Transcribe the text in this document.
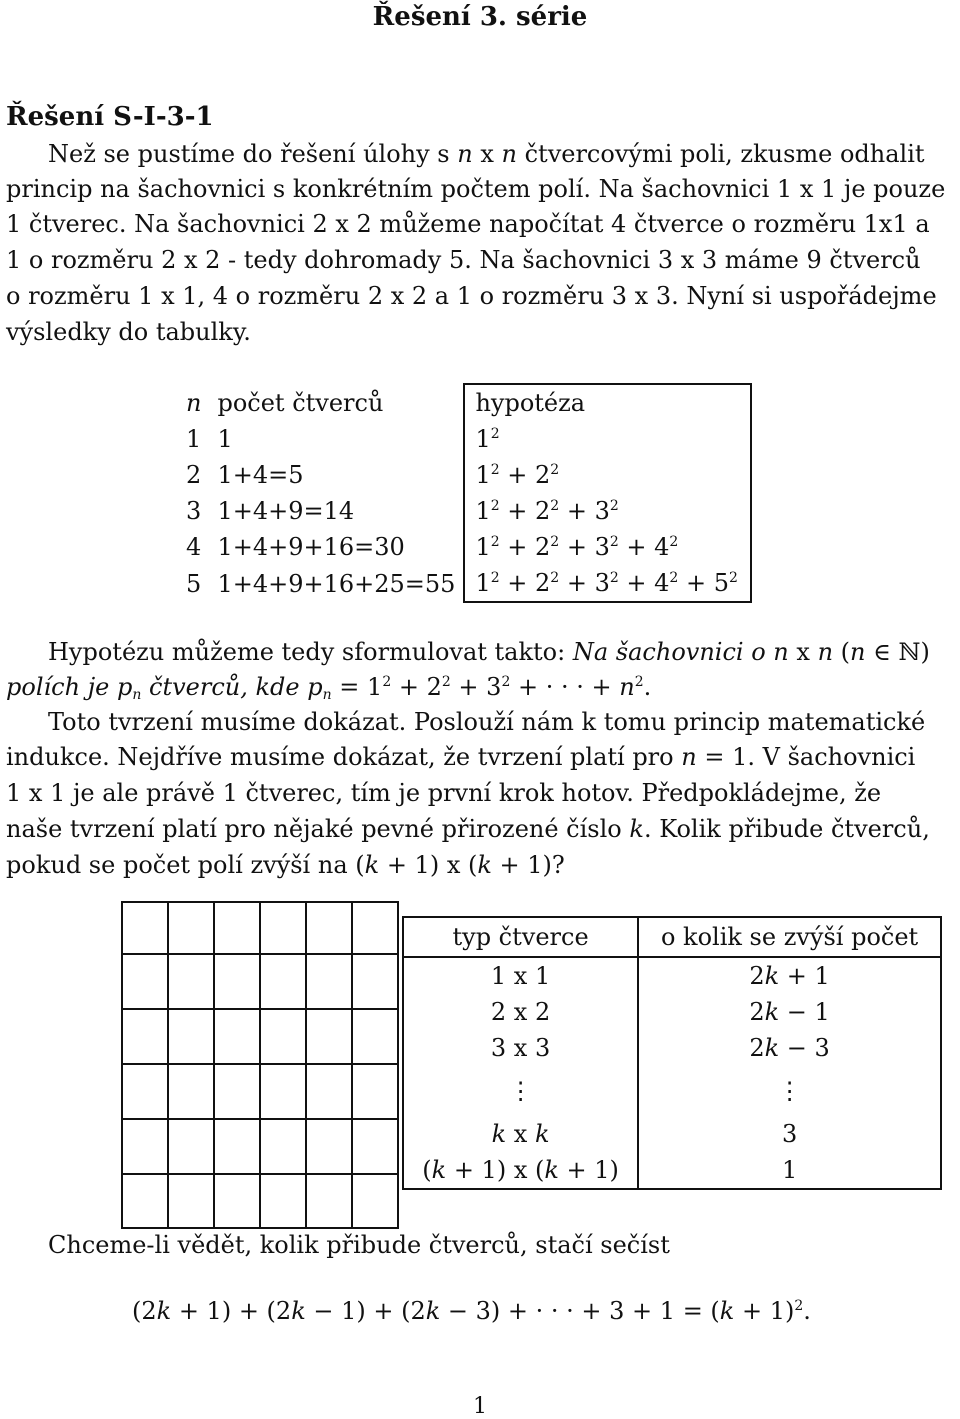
Řešení 3. série
Řešení S-I-3-1
Než se pustíme do řešení úlohy s n x n čtvercovými poli, zkusme odhalit
princip na šachovnici s konkrétním počtem polí. Na šachovnici 1 x 1 je pouze
1 čtverec. Na šachovnici 2 x 2 můžeme napočítat 4 čtverce o rozměru 1x1 a
1 o rozměru 2 x 2 - tedy dohromady 5. Na šachovnici 3 x 3 máme 9 čtverců
o rozměru 1 x 1, 4 o rozměru 2 x 2 a 1 o rozměru 3 x 3. Nyní si uspořádejme
výsledky do tabulky.
n	počet čtverců	hypotéza
1	1	$1^2$
2	1+4=5	$1^2 + 2^2$
3	1+4+9=14	$1^2 + 2^2 + 3^2$
4	1+4+9+16=30	$1^2 + 2^2 + 3^2 + 4^2$
5	1+4+9+16+25=55	$1^2 + 2^2 + 3^2 + 4^2 + 5^2$
Hypotézu můžeme tedy sformulovat takto: Na šachovnici o n x n (n ∈ ℕ)
polích je $p_n$ čtverců, kde $p_n = 1^2 + 2^2 + 3^2$ + · · · + $n^2$.
Toto tvrzení musíme dokázat. Poslouží nám k tomu princip matematické
indukce. Nejdříve musíme dokázat, že tvrzení platí pro n = 1. V šachovnici
1 x 1 je ale právě 1 čtverec, tím je první krok hotov. Předpokládejme, že
naše tvrzení platí pro nějaké pevné přirozené číslo k. Kolik přibude čtverců,
pokud se počet polí zvýší na (k + 1) x (k + 1)?
typ čtverce	o kolik se zvýší počet
1 x 1	2k + 1
2 x 2	2k − 1
3 x 3	2k − 3
⋮	⋮
k x k	3
(k + 1) x (k + 1)	1
Chceme-li vědět, kolik přibude čtverců, stačí sečíst
(2k + 1) + (2k − 1) + (2k − 3) + · · · + $3 + 1 = (k + 1)^2$.
1
